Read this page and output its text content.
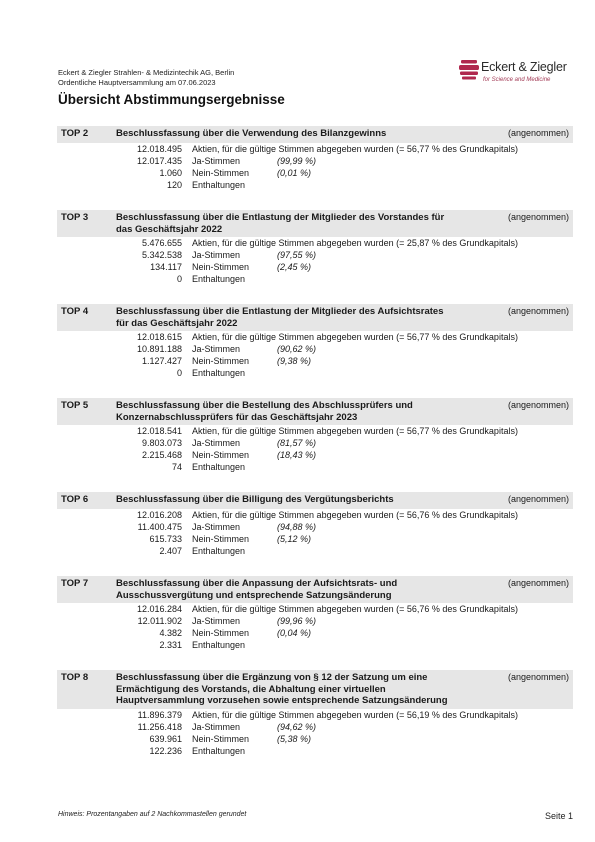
Eckert & Ziegler Strahlen- & Medizintechik AG, Berlin
Ordentliche Hauptversammlung am 07.06.2023
Eckert & Ziegler
for Science and Medicine
Übersicht Abstimmungsergebnisse
TOP 2	Beschlussfassung über die Verwendung des Bilanzgewinns	(angenommen)
12.018.495 Aktien, für die gültige Stimmen abgegeben wurden (= 56,77 % des Grundkapitals)
12.017.435 Ja-Stimmen	(99,99 %)
1.060 Nein-Stimmen	(0,01 %)
120 Enthaltungen
TOP 3	Beschlussfassung über die Entlastung der Mitglieder des Vorstandes für das Geschäftsjahr 2022
(angenommen)
5.476.655 Aktien, für die gültige Stimmen abgegeben wurden (= 25,87 % des Grundkapitals)
5.342.538 Ja-Stimmen	(97,55 %)
134.117 Nein-Stimmen	(2,45 %)
0 Enthaltungen
TOP 4	Beschlussfassung über die Entlastung der Mitglieder des Aufsichtsrates für das Geschäftsjahr 2022
(angenommen)
12.018.615 Aktien, für die gültige Stimmen abgegeben wurden (= 56,77 % des Grundkapitals)
10.891.188 Ja-Stimmen	(90,62 %)
1.127.427 Nein-Stimmen	(9,38 %)
0 Enthaltungen
TOP 5	Beschlussfassung über die Bestellung des Abschlussprüfers und Konzernabschlussprüfers für das Geschäftsjahr 2023
(angenommen)
12.018.541 Aktien, für die gültige Stimmen abgegeben wurden (= 56,77 % des Grundkapitals)
9.803.073 Ja-Stimmen	(81,57 %)
2.215.468 Nein-Stimmen	(18,43 %)
74 Enthaltungen
TOP 6	Beschlussfassung über die Billigung des Vergütungsberichts	(angenommen)
12.016.208 Aktien, für die gültige Stimmen abgegeben wurden (= 56,76 % des Grundkapitals)
11.400.475 Ja-Stimmen	(94,88 %)
615.733 Nein-Stimmen	(5,12 %)
2.407 Enthaltungen
TOP 7	Beschlussfassung über die Anpassung der Aufsichtsrats- und Ausschussvergütung und entsprechende Satzungsänderung
(angenommen)
12.016.284 Aktien, für die gültige Stimmen abgegeben wurden (= 56,76 % des Grundkapitals)
12.011.902 Ja-Stimmen	(99,96 %)
4.382 Nein-Stimmen	(0,04 %)
2.331 Enthaltungen
TOP 8	Beschlussfassung über die Ergänzung von § 12 der Satzung um eine Ermächtigung des Vorstands, die Abhaltung einer virtuellen Hauptversammlung vorzusehen sowie entsprechende Satzungsänderung
(angenommen)
11.896.379 Aktien, für die gültige Stimmen abgegeben wurden (= 56,19 % des Grundkapitals)
11.256.418 Ja-Stimmen	(94,62 %)
639.961 Nein-Stimmen	(5,38 %)
122.236 Enthaltungen
Hinweis: Prozentangaben auf 2 Nachkommastellen gerundet	Seite 1
